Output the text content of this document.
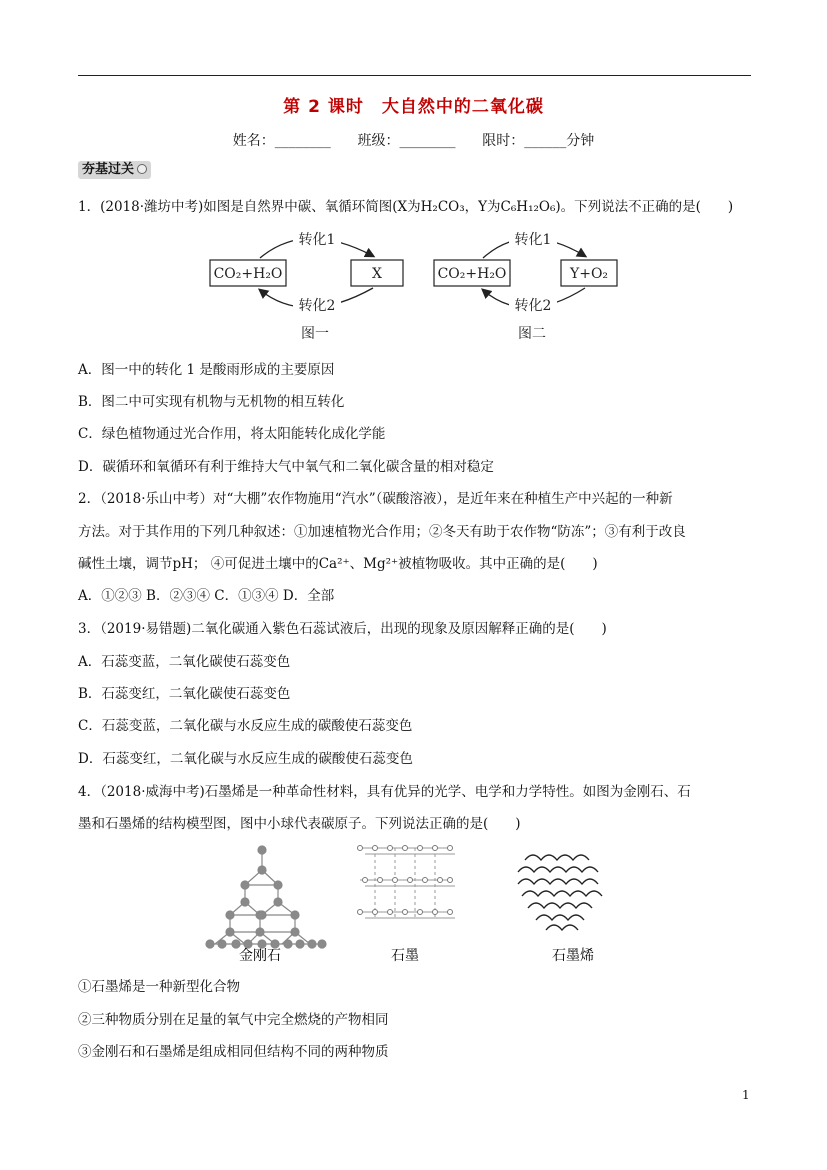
第 2 课时 大自然中的二氧化碳
姓名：________ 班级：________ 限时：______分钟
夯基过关
1．(2018·潍坊中考)如图是自然界中碳、氧循环简图(X为H₂CO₃，Y为C₆H₁₂O₆)。下列说法不正确的是(　　)
CO₂+H₂O	X
转化1
转化2
图一
CO₂+H₂O	Y+O₂
转化1
转化2
图二
A．图一中的转化 1 是酸雨形成的主要原因
B．图二中可实现有机物与无机物的相互转化
C．绿色植物通过光合作用，将太阳能转化成化学能
D．碳循环和氧循环有利于维持大气中氧气和二氧化碳含量的相对稳定
2．（2018·乐山中考）对“大棚”农作物施用“汽水”（碳酸溶液），是近年来在种植生产中兴起的一种新
方法。对于其作用的下列几种叙述：①加速植物光合作用；②冬天有助于农作物“防冻”；③有利于改良
碱性土壤，调节pH； ④可促进土壤中的Ca²⁺、Mg²⁺被植物吸收。其中正确的是(　　)
A．①②③ B．②③④ C．①③④ D．全部
3．（2019·易错题)二氧化碳通入紫色石蕊试液后，出现的现象及原因解释正确的是(　　)
A．石蕊变蓝，二氧化碳使石蕊变色
B．石蕊变红，二氧化碳使石蕊变色
C．石蕊变蓝，二氧化碳与水反应生成的碳酸使石蕊变色
D．石蕊变红，二氧化碳与水反应生成的碳酸使石蕊变色
4．（2018·威海中考)石墨烯是一种革命性材料，具有优异的光学、电学和力学特性。如图为金刚石、石
墨和石墨烯的结构模型图，图中小球代表碳原子。下列说法正确的是(　　)
金刚石	石墨	石墨烯
①石墨烯是一种新型化合物
②三种物质分别在足量的氧气中完全燃烧的产物相同
③金刚石和石墨烯是组成相同但结构不同的两种物质
1
